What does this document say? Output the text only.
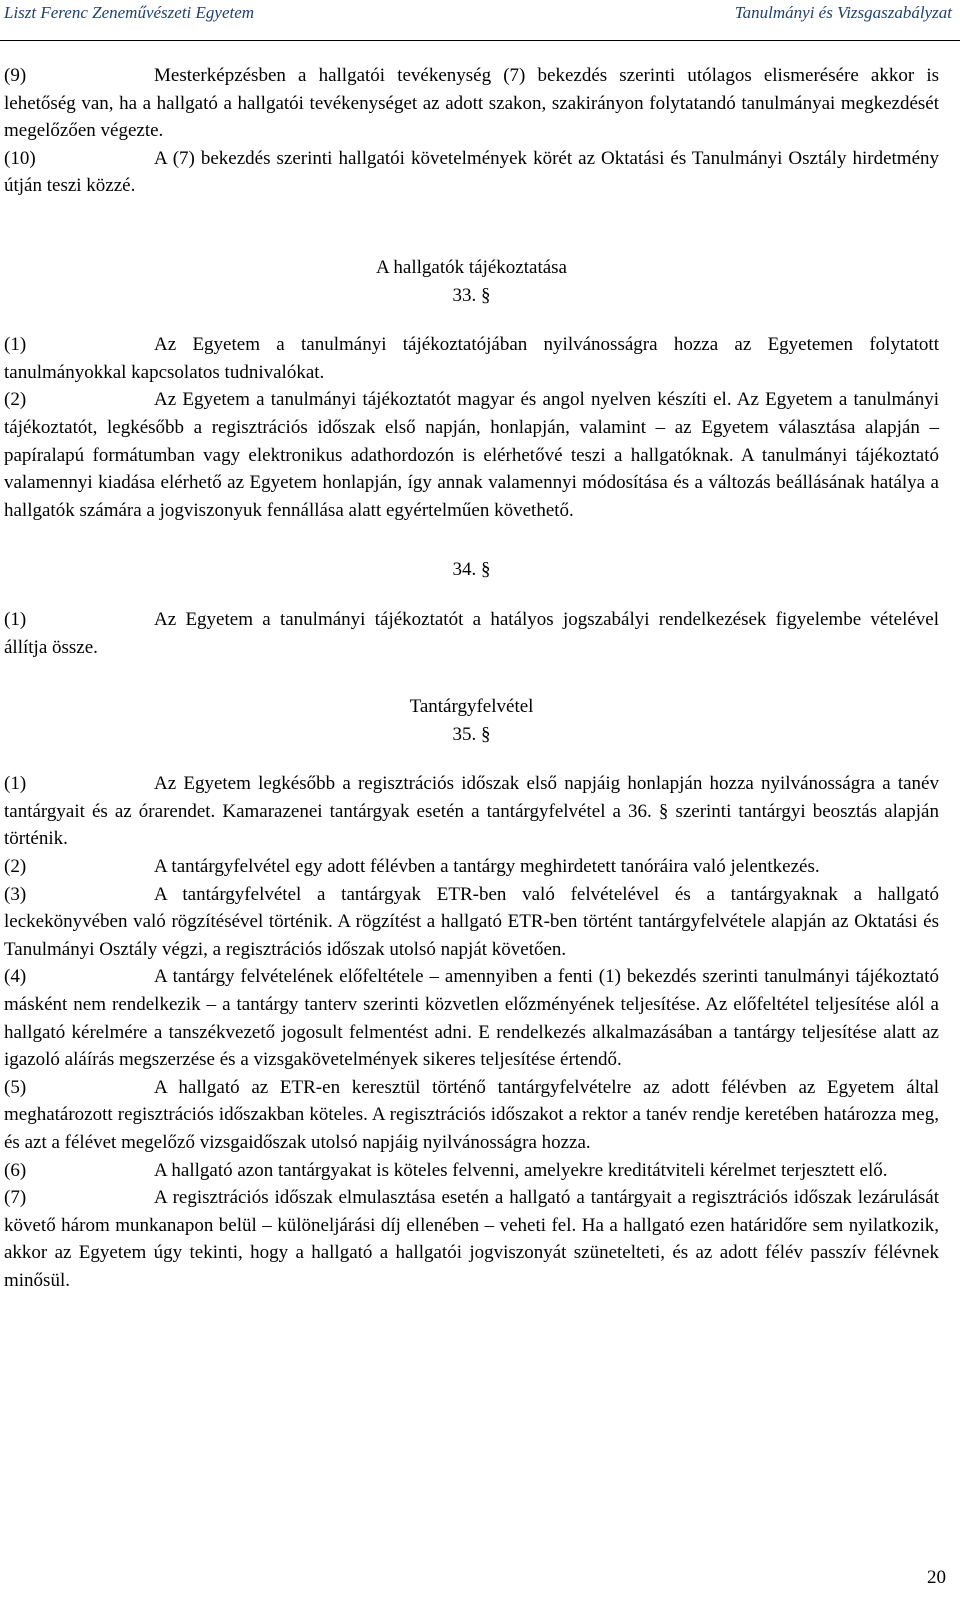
Liszt Ferenc Zeneművészeti Egyetem	Tanulmányi és Vizsgaszabályzat

(9)	Mesterképzésben a hallgatói tevékenység (7) bekezdés szerinti utólagos elismerésére akkor is lehetőség van, ha a hallgató a hallgatói tevékenységet az adott szakon, szakirányon folytatandó tanulmányai megkezdését megelőzően végezte.

(10)	A (7) bekezdés szerinti hallgatói követelmények körét az Oktatási és Tanulmányi Osztály hirdetmény útján teszi közzé.

A hallgatók tájékoztatása

33. §

(1)	Az Egyetem a tanulmányi tájékoztatójában nyilvánosságra hozza az Egyetemen folytatott tanulmányokkal kapcsolatos tudnivalókat.

(2)	Az Egyetem a tanulmányi tájékoztatót magyar és angol nyelven készíti el. Az Egyetem a tanulmányi tájékoztatót, legkésőbb a regisztrációs időszak első napján, honlapján, valamint – az Egyetem választása alapján – papíralapú formátumban vagy elektronikus adathordozón is elérhetővé teszi a hallgatóknak. A tanulmányi tájékoztató valamennyi kiadása elérhető az Egyetem honlapján, így annak valamennyi módosítása és a változás beállásának hatálya a hallgatók számára a jogviszonyuk fennállása alatt egyértelműen követhető.

34. §

(1)	Az Egyetem a tanulmányi tájékoztatót a hatályos jogszabályi rendelkezések figyelembe vételével állítja össze.

Tantárgyfelvétel

35. §

(1)	Az Egyetem legkésőbb a regisztrációs időszak első napjáig honlapján hozza nyilvánosságra a tanév tantárgyait és az órarendet. Kamarazenei tantárgyak esetén a tantárgyfelvétel a 36. § szerinti tantárgyi beosztás alapján történik.

(2)	A tantárgyfelvétel egy adott félévben a tantárgy meghirdetett tanóráira való jelentkezés.

(3)	A tantárgyfelvétel a tantárgyak ETR-ben való felvételével és a tantárgyaknak a hallgató leckekönyvében való rögzítésével történik. A rögzítést a hallgató ETR-ben történt tantárgyfelvétele alapján az Oktatási és Tanulmányi Osztály végzi, a regisztrációs időszak utolsó napját követően.

(4)	A tantárgy felvételének előfeltétele – amennyiben a fenti (1) bekezdés szerinti tanulmányi tájékoztató másként nem rendelkezik – a tantárgy tanterv szerinti közvetlen előzményének teljesítése. Az előfeltétel teljesítése alól a hallgató kérelmére a tanszékvezető jogosult felmentést adni. E rendelkezés alkalmazásában a tantárgy teljesítése alatt az igazoló aláírás megszerzése és a vizsgakövetelmények sikeres teljesítése értendő.

(5)	A hallgató az ETR-en keresztül történő tantárgyfelvételre az adott félévben az Egyetem által meghatározott regisztrációs időszakban köteles. A regisztrációs időszakot a rektor a tanév rendje keretében határozza meg, és azt a félévet megelőző vizsgaidőszak utolsó napjáig nyilvánosságra hozza.

(6)	A hallgató azon tantárgyakat is köteles felvenni, amelyekre kreditátviteli kérelmet terjesztett elő.

(7)	A regisztrációs időszak elmulasztása esetén a hallgató a tantárgyait a regisztrációs időszak lezárulását követő három munkanapon belül – különeljárási díj ellenében – veheti fel. Ha a hallgató ezen határidőre sem nyilatkozik, akkor az Egyetem úgy tekinti, hogy a hallgató a hallgatói jogviszonyát szünetelteti, és az adott félév passzív félévnek minősül.

20
